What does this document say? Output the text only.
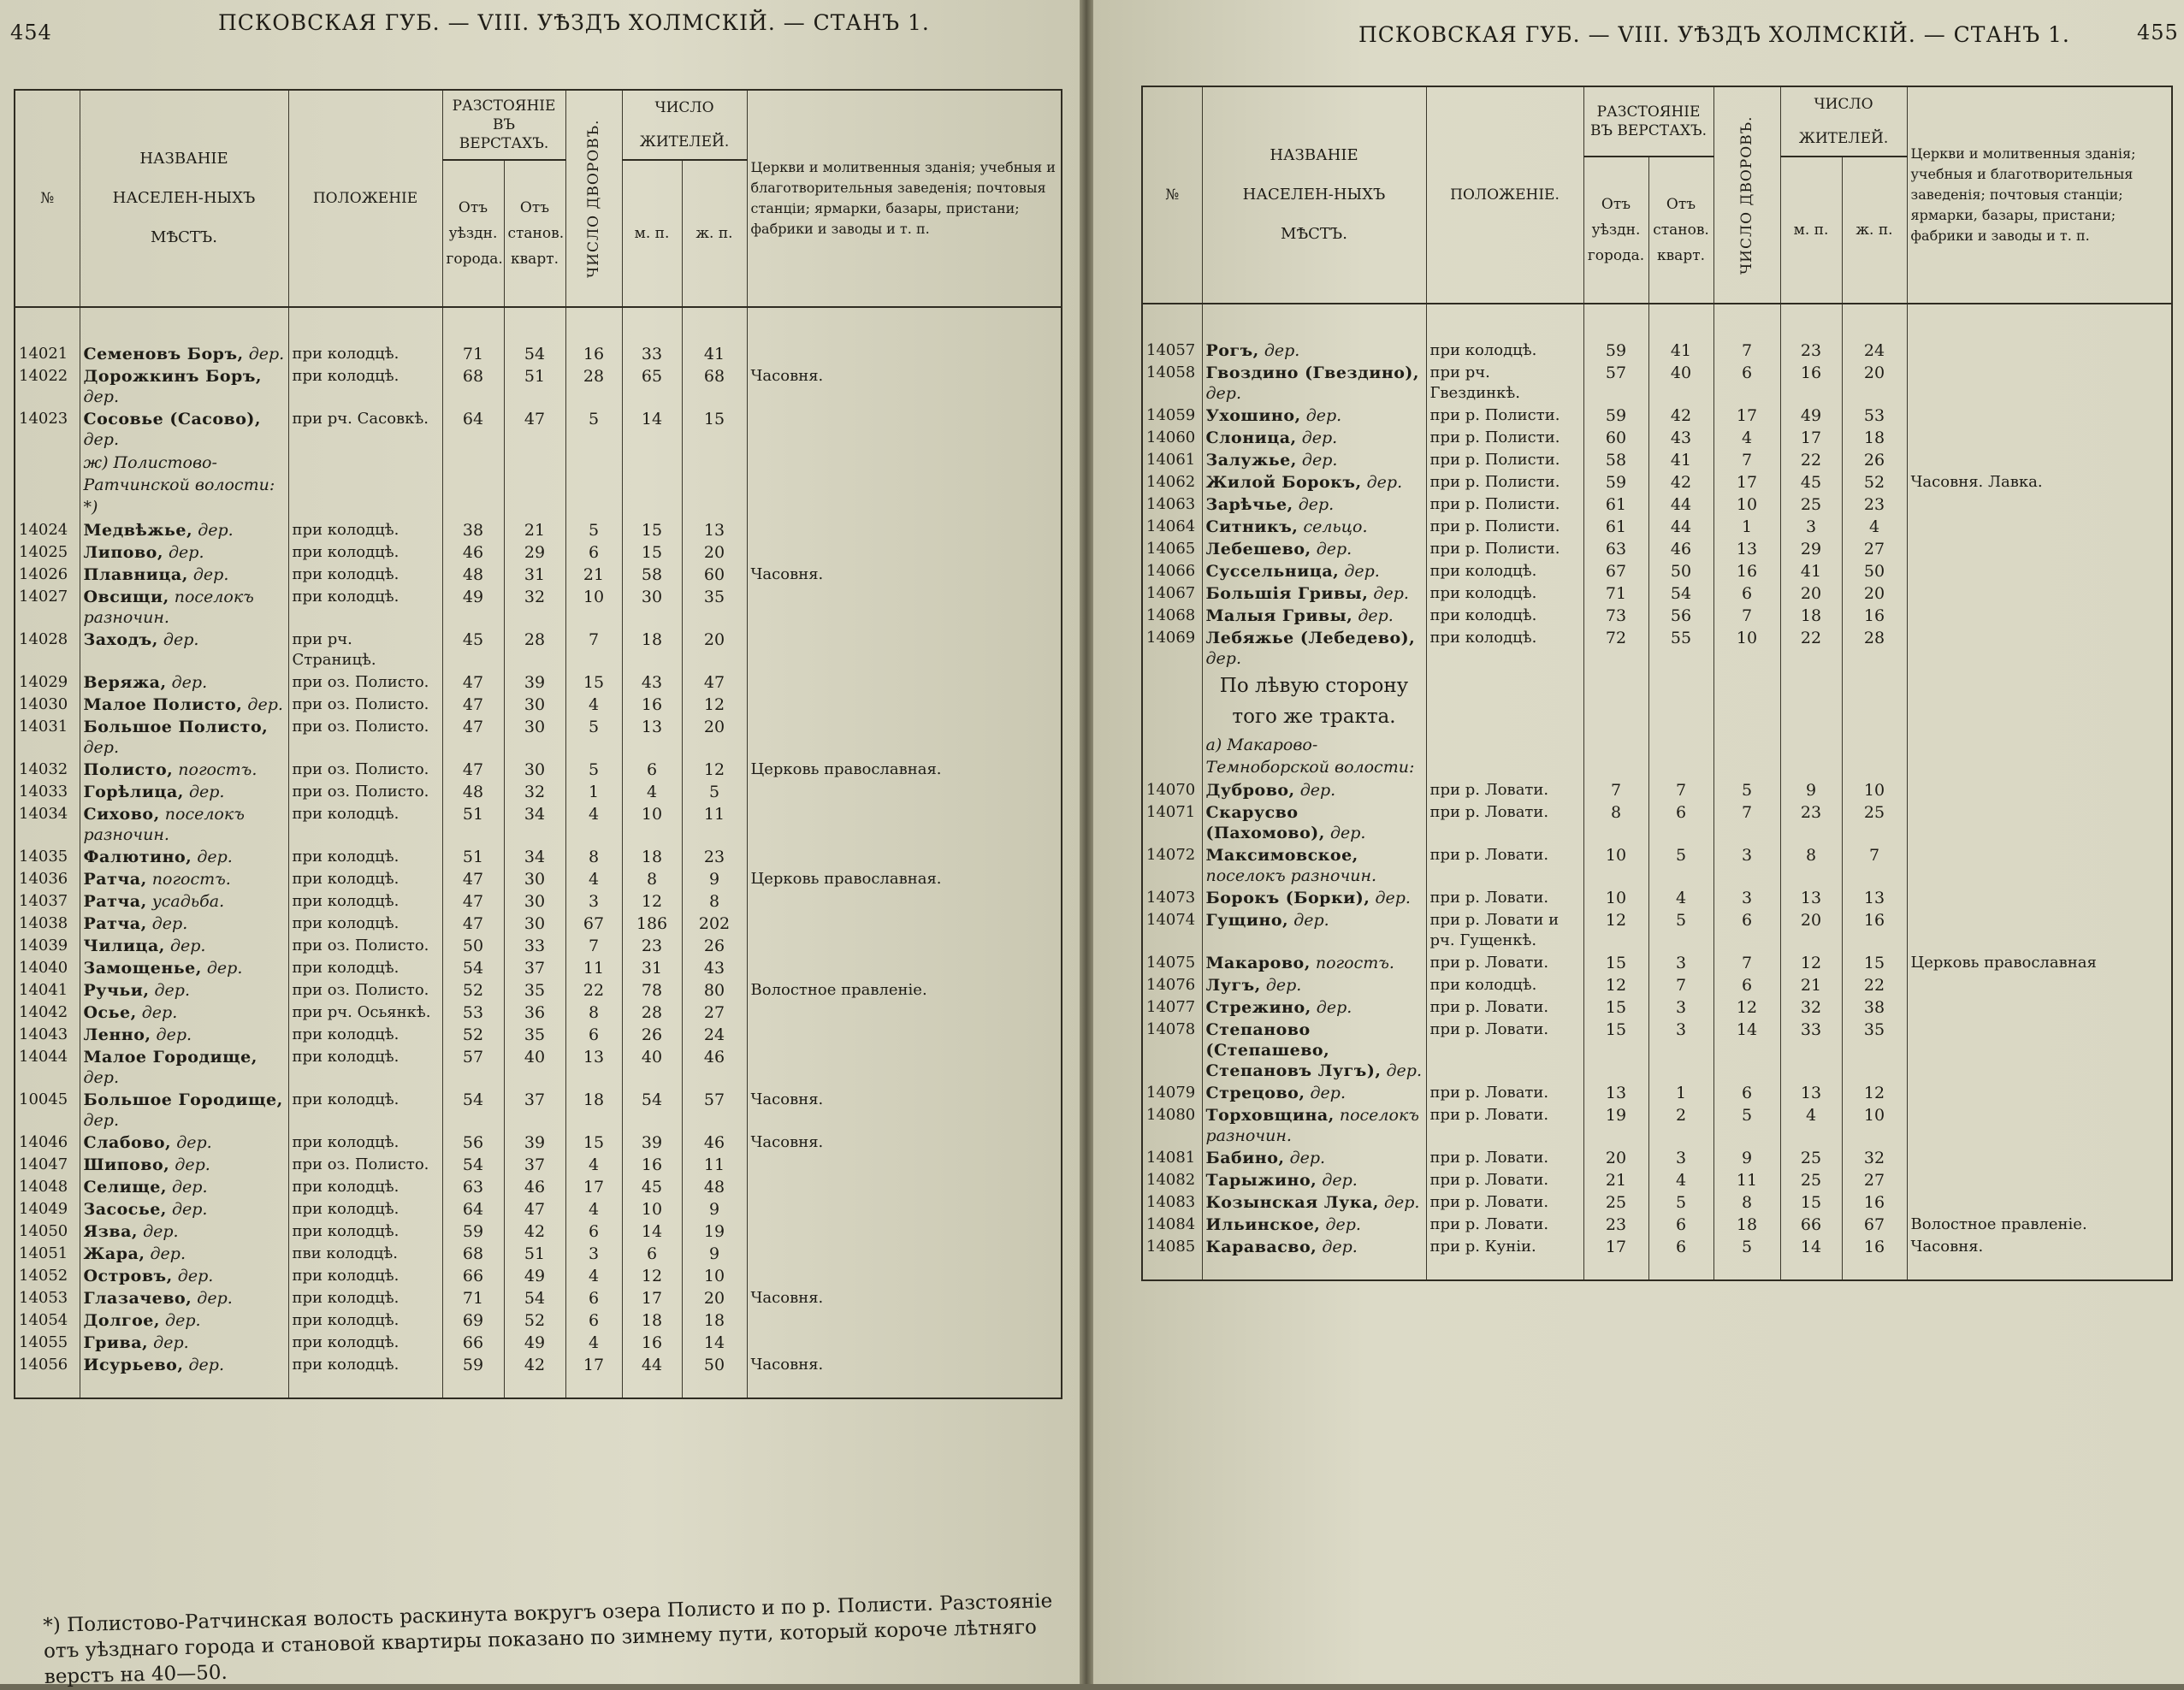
454	ПСКОВСКАЯ ГУБ. — VIII. УѢЗДЪ ХОЛМСКІЙ. — СТАНЪ 1.
№	НАЗВАНІЕ НАСЕЛЕН-НЫХЪ МѢСТЪ.	ПОЛОЖЕНІЕ	РАЗСТОЯНІЕ ВЪ ВЕРСТАХЪ.		ЧИСЛО ДВОРОВЪ.	ЧИСЛО ЖИТЕЛЕЙ.		Церкви и молитвенныя зданія; учебныя и благотворительныя заведенія; почтовыя станціи; ярмарки, базары, пристани; фабрики и заводы и т. п.
			Отъ уѣздн. города.	Отъ станов. кварт.		м. п.	ж. п.	

14021	Семеновъ Боръ, дер.	при колодцѣ.	71	54	16	33	41	
14022	Дорожкинъ Боръ, дер.	при колодцѣ.	68	51	28	65	68	Часовня.
14023	Сосовье (Сасово), дер.	при рч. Сасовкѣ.	64	47	5	14	15	
	ж) Полистово-Ратчинской волости: *)							
14024	Медвѣжье, дер.	при колодцѣ.	38	21	5	15	13	
14025	Липово, дер.	при колодцѣ.	46	29	6	15	20	
14026	Плавница, дер.	при колодцѣ.	48	31	21	58	60	Часовня.
14027	Овсищи, поселокъ разночин.	при колодцѣ.	49	32	10	30	35	
14028	Заходъ, дер.	при рч. Страницѣ.	45	28	7	18	20	
14029	Веряжа, дер.	при оз. Полисто.	47	39	15	43	47	
14030	Малое Полисто, дер.	при оз. Полисто.	47	30	4	16	12	
14031	Большое Полисто, дер.	при оз. Полисто.	47	30	5	13	20	
14032	Полисто, погостъ.	при оз. Полисто.	47	30	5	6	12	Церковь православная.
14033	Горѣлица, дер.	при оз. Полисто.	48	32	1	4	5	
14034	Сихово, поселокъ разночин.	при колодцѣ.	51	34	4	10	11	
14035	Фалютино, дер.	при колодцѣ.	51	34	8	18	23	
14036	Ратча, погостъ.	при колодцѣ.	47	30	4	8	9	Церковь православная.
14037	Ратча, усадьба.	при колодцѣ.	47	30	3	12	8	
14038	Ратча, дер.	при колодцѣ.	47	30	67	186	202	
14039	Чилица, дер.	при оз. Полисто.	50	33	7	23	26	
14040	Замощенье, дер.	при колодцѣ.	54	37	11	31	43	
14041	Ручьи, дер.	при оз. Полисто.	52	35	22	78	80	Волостное правленіе.
14042	Осье, дер.	при рч. Осьянкѣ.	53	36	8	28	27	
14043	Ленно, дер.	при колодцѣ.	52	35	6	26	24	
14044	Малое Городище, дер.	при колодцѣ.	57	40	13	40	46	
10045	Большое Городище, дер.	при колодцѣ.	54	37	18	54	57	Часовня.
14046	Слабово, дер.	при колодцѣ.	56	39	15	39	46	Часовня.
14047	Шипово, дер.	при оз. Полисто.	54	37	4	16	11	
14048	Селище, дер.	при колодцѣ.	63	46	17	45	48	
14049	Засосье, дер.	при колодцѣ.	64	47	4	10	9	
14050	Язва, дер.	при колодцѣ.	59	42	6	14	19	
14051	Жара, дер.	пви колодцѣ.	68	51	3	6	9	
14052	Островъ, дер.	при колодцѣ.	66	49	4	12	10	
14053	Глазачево, дер.	при колодцѣ.	71	54	6	17	20	Часовня.
14054	Долгое, дер.	при колодцѣ.	69	52	6	18	18	
14055	Грива, дер.	при колодцѣ.	66	49	4	16	14	
14056	Исурьево, дер.	при колодцѣ.	59	42	17	44	50	Часовня.

*) Полистово-Ратчинская волость раскинута вокругъ озера Полисто и по р. Полисти. Разстояніе отъ уѣзднаго города и становой квартиры показано по зимнему пути, который короче лѣтняго верстъ на 40—50.
ПСКОВСКАЯ ГУБ. — VIII. УѢЗДЪ ХОЛМСКІЙ. — СТАНЪ 1.	455
№	НАЗВАНІЕ НАСЕЛЕН-НЫХЪ МѢСТЪ.	ПОЛОЖЕНІЕ.	РАЗСТОЯНІЕ ВЪ ВЕРСТАХЪ.		ЧИСЛО ДВОРОВЪ.	ЧИСЛО ЖИТЕЛЕЙ.		Церкви и молитвенныя зданія; учебныя и благотворительныя заведенія; почтовыя станціи; ярмарки, базары, пристани; фабрики и заводы и т. п.
			Отъ уѣздн. города.	Отъ станов. кварт.		м. п.	ж. п.	

14057	Рогъ, дер.	при колодцѣ.	59	41	7	23	24	
14058	Гвоздино (Гвездино), дер.	при рч. Гвездинкѣ.	57	40	6	16	20	
14059	Ухошино, дер.	при р. Полисти.	59	42	17	49	53	
14060	Слоница, дер.	при р. Полисти.	60	43	4	17	18	
14061	Залужье, дер.	при р. Полисти.	58	41	7	22	26	
14062	Жилой Борокъ, дер.	при р. Полисти.	59	42	17	45	52	Часовня. Лавка.
14063	Зарѣчье, дер.	при р. Полисти.	61	44	10	25	23	
14064	Ситникъ, сельцо.	при р. Полисти.	61	44	1	3	4	
14065	Лебешево, дер.	при р. Полисти.	63	46	13	29	27	
14066	Суссельница, дер.	при колодцѣ.	67	50	16	41	50	
14067	Большія Гривы, дер.	при колодцѣ.	71	54	6	20	20	
14068	Малыя Гривы, дер.	при колодцѣ.	73	56	7	18	16	
14069	Лебяжье (Лебедево), дер.	при колодцѣ.	72	55	10	22	28	
	По лѣвую сторону того же тракта.							
	а) Макарово-Темноборской волости:							
14070	Дуброво, дер.	при р. Ловати.	7	7	5	9	10	
14071	Скарусво (Пахомово), дер.	при р. Ловати.	8	6	7	23	25	
14072	Максимовское, поселокъ разночин.	при р. Ловати.	10	5	3	8	7	
14073	Борокъ (Борки), дер.	при р. Ловати.	10	4	3	13	13	
14074	Гущино, дер.	при р. Ловати и рч. Гущенкѣ.	12	5	6	20	16	
14075	Макарово, погостъ.	при р. Ловати.	15	3	7	12	15	Церковь православная
14076	Лугъ, дер.	при колодцѣ.	12	7	6	21	22	
14077	Стрежино, дер.	при р. Ловати.	15	3	12	32	38	
14078	Степаново (Степашево, Степановъ Лугъ), дер.	при р. Ловати.	15	3	14	33	35	
14079	Стрецово, дер.	при р. Ловати.	13	1	6	13	12	
14080	Торховщина, поселокъ разночин.	при р. Ловати.	19	2	5	4	10	
14081	Бабино, дер.	при р. Ловати.	20	3	9	25	32	
14082	Тарыжино, дер.	при р. Ловати.	21	4	11	25	27	
14083	Козынская Лука, дер.	при р. Ловати.	25	5	8	15	16	
14084	Ильинское, дер.	при р. Ловати.	23	6	18	66	67	Волостное правленіе.
14085	Каравасво, дер.	при р. Куніи.	17	6	5	14	16	Часовня.
